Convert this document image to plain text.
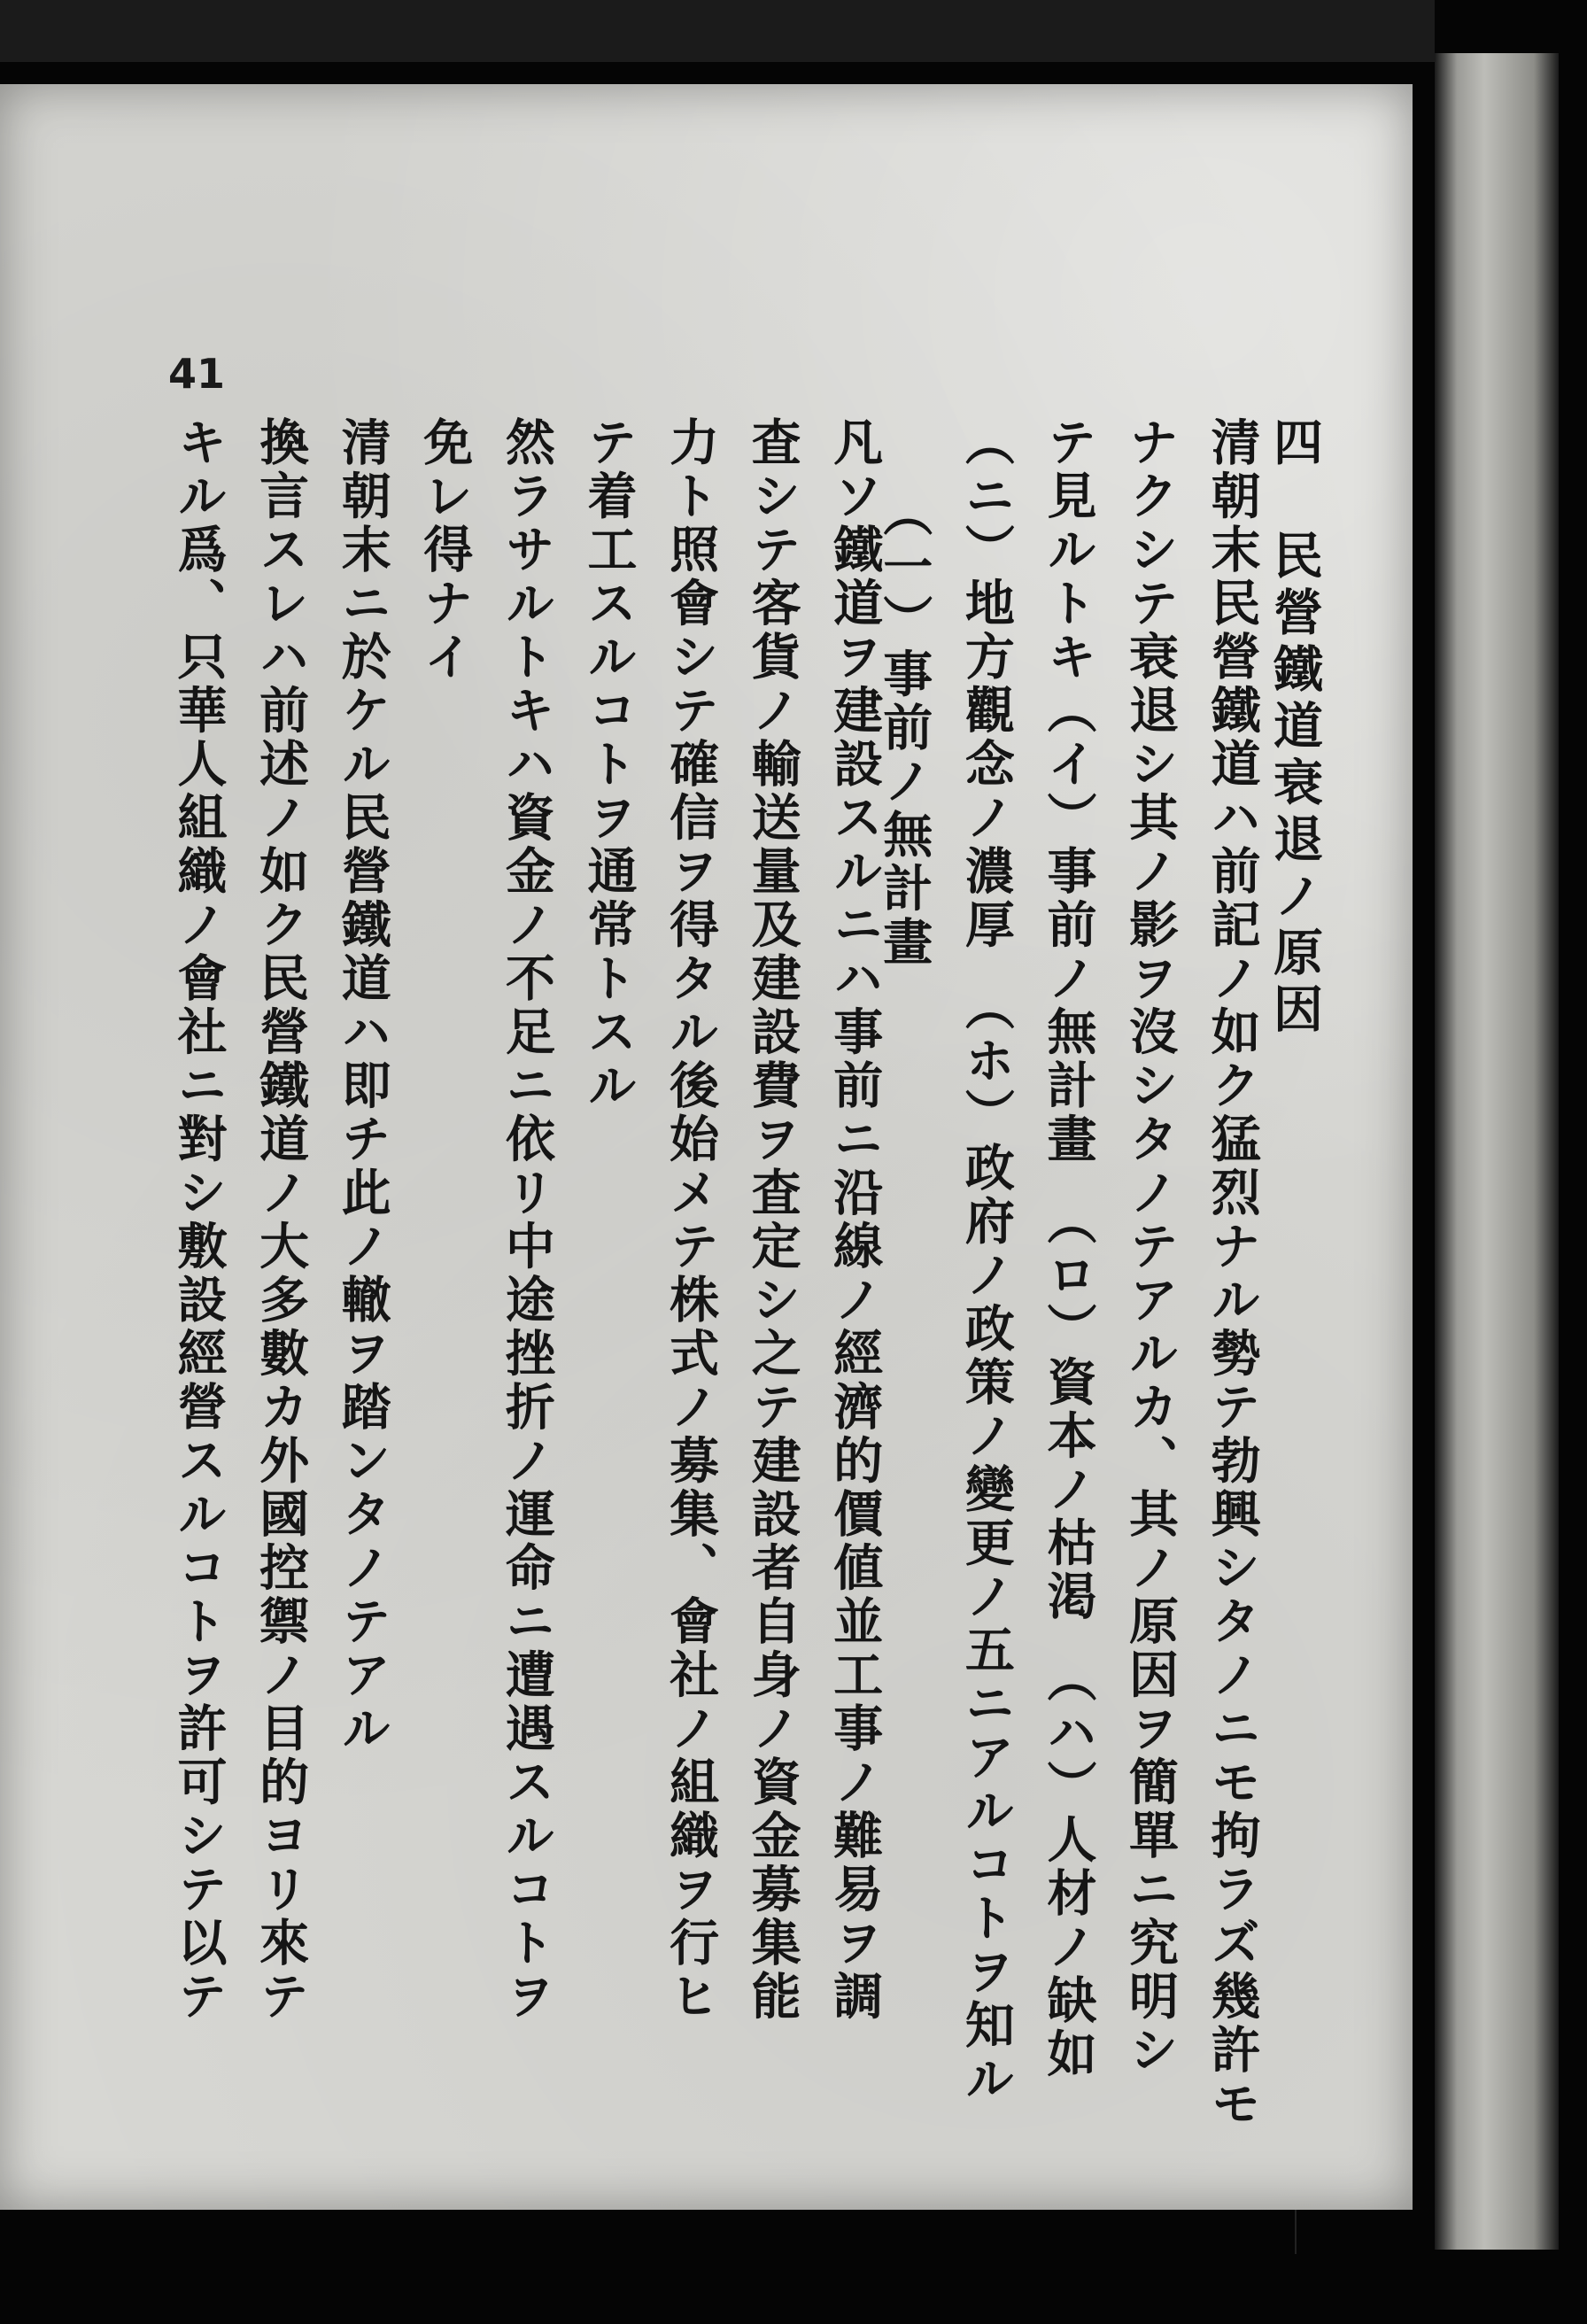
41
四　民營鐵道衰退ノ原因
清朝末民營鐵道ハ前記ノ如ク猛烈ナル勢テ勃興シタノニモ拘ラズ幾許モ
ナクシテ衰退シ其ノ影ヲ沒シタノテアルカ、其ノ原因ヲ簡單ニ究明シ
テ見ルトキ（イ）事前ノ無計畫　（ロ）資本ノ枯渇　（ハ）人材ノ缺如
（ニ）地方觀念ノ濃厚　（ホ）政府ノ政策ノ變更ノ五ニアルコトヲ知ル
（一）事前ノ無計畫
凡ソ鐵道ヲ建設スルニハ事前ニ沿線ノ經濟的價値並工事ノ難易ヲ調
査シテ客貨ノ輸送量及建設費ヲ査定シ之テ建設者自身ノ資金募集能
力ト照會シテ確信ヲ得タル後始メテ株式ノ募集、會社ノ組織ヲ行ヒ
テ着工スルコトヲ通常トスル
然ラサルトキハ資金ノ不足ニ依リ中途挫折ノ運命ニ遭遇スルコトヲ
免レ得ナイ
清朝末ニ於ケル民營鐵道ハ即チ此ノ轍ヲ踏ンタノテアル
換言スレハ前述ノ如ク民營鐵道ノ大多數カ外國控禦ノ目的ヨリ來テ
キル爲、只華人組織ノ會社ニ對シ敷設經營スルコトヲ許可シテ以テ
